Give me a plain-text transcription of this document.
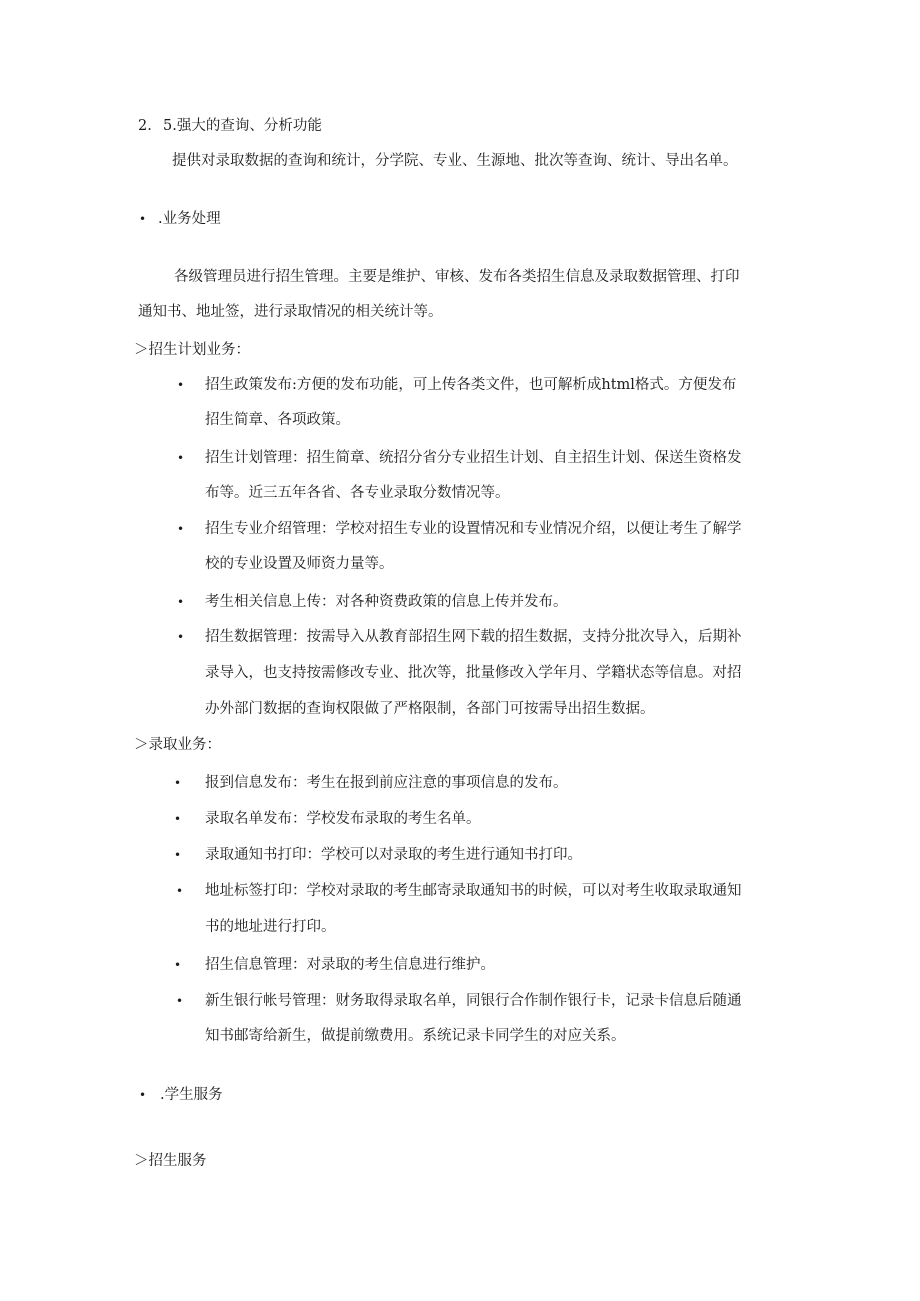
2. 5.强大的查询、分析功能
提供对录取数据的查询和统计，分学院、专业、生源地、批次等查询、统计、导出名单。
• .业务处理
各级管理员进行招生管理。主要是维护、审核、发布各类招生信息及录取数据管理、打印
通知书、地址签，进行录取情况的相关统计等。
＞招生计划业务：
• 招生政策发布:方便的发布功能，可上传各类文件，也可解析成html格式。方便发布
招生简章、各项政策。
• 招生计划管理：招生简章、统招分省分专业招生计划、自主招生计划、保送生资格发
布等。近三五年各省、各专业录取分数情况等。
• 招生专业介绍管理：学校对招生专业的设置情况和专业情况介绍，以便让考生了解学
校的专业设置及师资力量等。
• 考生相关信息上传：对各种资费政策的信息上传并发布。
• 招生数据管理：按需导入从教育部招生网下载的招生数据，支持分批次导入，后期补
录导入，也支持按需修改专业、批次等，批量修改入学年月、学籍状态等信息。对招
办外部门数据的查询权限做了严格限制，各部门可按需导出招生数据。
＞录取业务：
• 报到信息发布：考生在报到前应注意的事项信息的发布。
• 录取名单发布：学校发布录取的考生名单。
• 录取通知书打印：学校可以对录取的考生进行通知书打印。
• 地址标签打印：学校对录取的考生邮寄录取通知书的时候，可以对考生收取录取通知
书的地址进行打印。
• 招生信息管理：对录取的考生信息进行维护。
• 新生银行帐号管理：财务取得录取名单，同银行合作制作银行卡，记录卡信息后随通
知书邮寄给新生，做提前缴费用。系统记录卡同学生的对应关系。
• .学生服务
＞招生服务
